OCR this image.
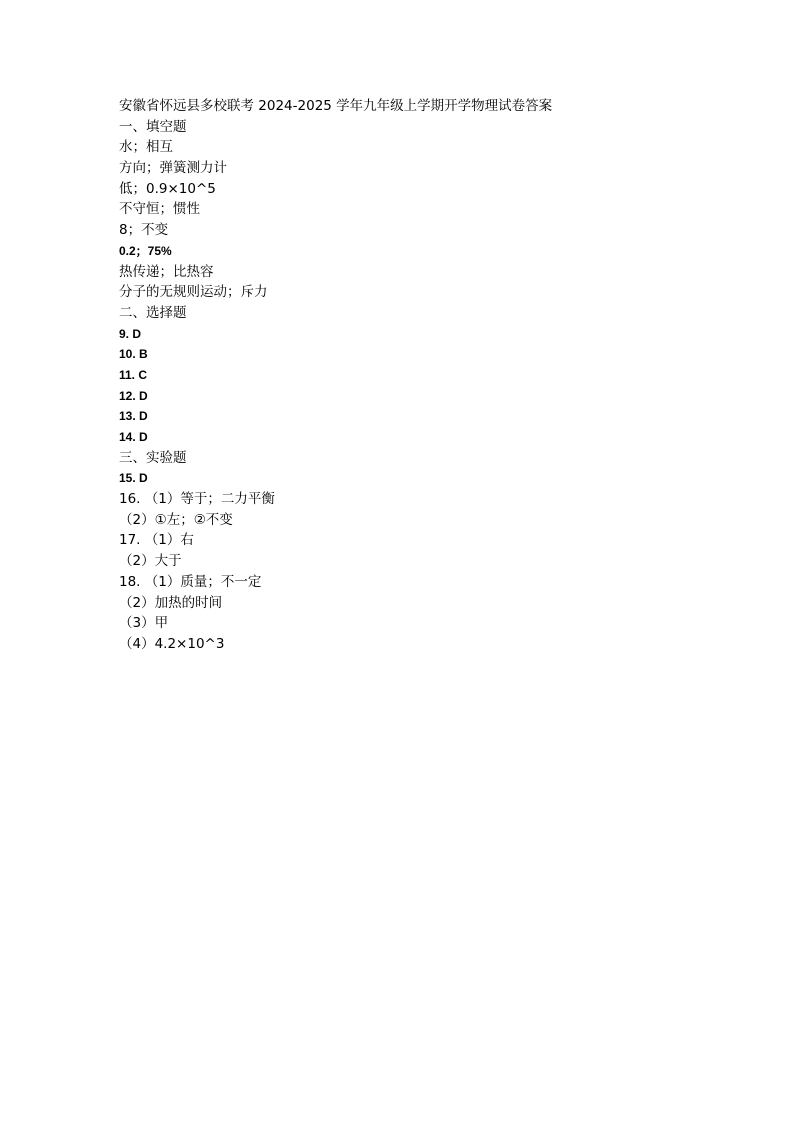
安徽省怀远县多校联考 2024-2025 学年九年级上学期开学物理试卷答案
一、填空题
水；相互
方向；弹簧测力计
低；0.9×10^5
不守恒；惯性
8；不变
0.2；75%
热传递；比热容
分子的无规则运动；斥力
二、选择题
9. D
10. B
11. C
12. D
13. D
14. D
三、实验题
15. D
16. （1）等于；二力平衡
（2）①左；②不变
17. （1）右
（2）大于
18. （1）质量；不一定
（2）加热的时间
（3）甲
（4）4.2×10^3
